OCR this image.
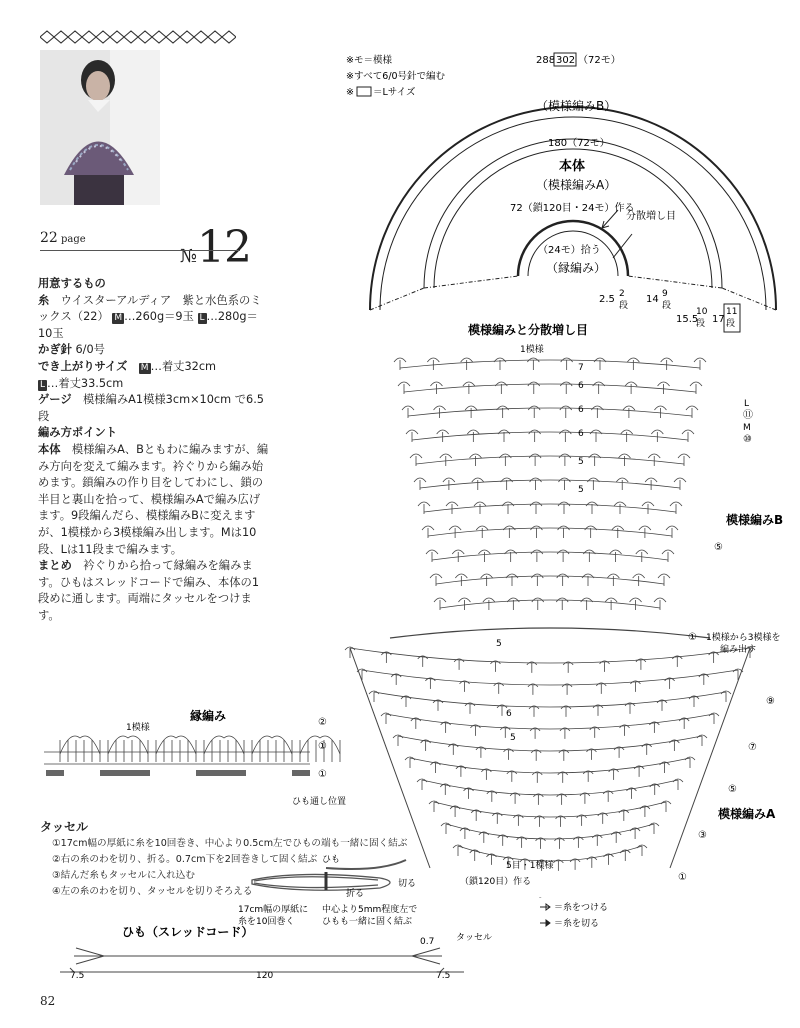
22 page
№12
用意するもの
糸　 ウイスターアルディア　紫と水色系のミックス（22） M …260g＝9玉 L …280g＝10玉
かぎ針 6/0号
でき上がりサイズ　 M …着丈32cm
L …着丈33.5cm
ゲージ　 模様編みA1模様3cm×10cm で6.5段
編み方ポイント
本体　 模様編みA、Bともわに編みますが、編み方向を変えて編みます。衿ぐりから編み始めます。鎖編みの作り目をしてわにし、鎖の半目と裏山を拾って、模様編みAで編み広げます。9段編んだら、模様編みBに変えますが、1模様から3模様編み出します。Mは10段、Lは11段まで編みます。
まとめ　 衿ぐりから拾って縁編みを編みます。ひもはスレッドコードで編み、本体の1段めに通します。両端にタッセルをつけます。
※モ＝模様
※すべて6/0号針で編む
※ ＝Lサイズ
288 302 （72モ）
（模様編みB）
180（72モ）
本体
（模様編みA）
72（鎖120目・24モ）作る
分散増し目
（24モ）拾う
（縁編み）
2.5 2
段
14 9
段
15.5
10
段 17
11
段
模様編みと分散増し目
1模様
L
⑪
M
⑩
模様編みB
⑤
① 1模様から3模様を
編み出す
⑨
⑦
⑤
模様編みA
③
①
7
6
6
6
5
5
5
6
5
5目・1模様
（鎖120目）作る
＝糸をつける
＝糸を切る
縁編み
1模様	②
①
①
ひも通し位置
タッセル
①17cm幅の厚紙に糸を10回巻き、中心より0.5cm左でひもの端も一緒に固く結ぶ
②右の糸のわを切り、折る。0.7cm下を2回巻きして固く結ぶ
③結んだ糸もタッセルに入れ込む
④左の糸のわを切り、タッセルを切りそろえる
ひも
折る
切る
17cm幅の厚紙に
糸を10回巻く
中心より5mm程度左で
ひもも一緒に固く結ぶ
ひも（スレッドコード）
0.7 タッセル
7.5	120	7.5
82
